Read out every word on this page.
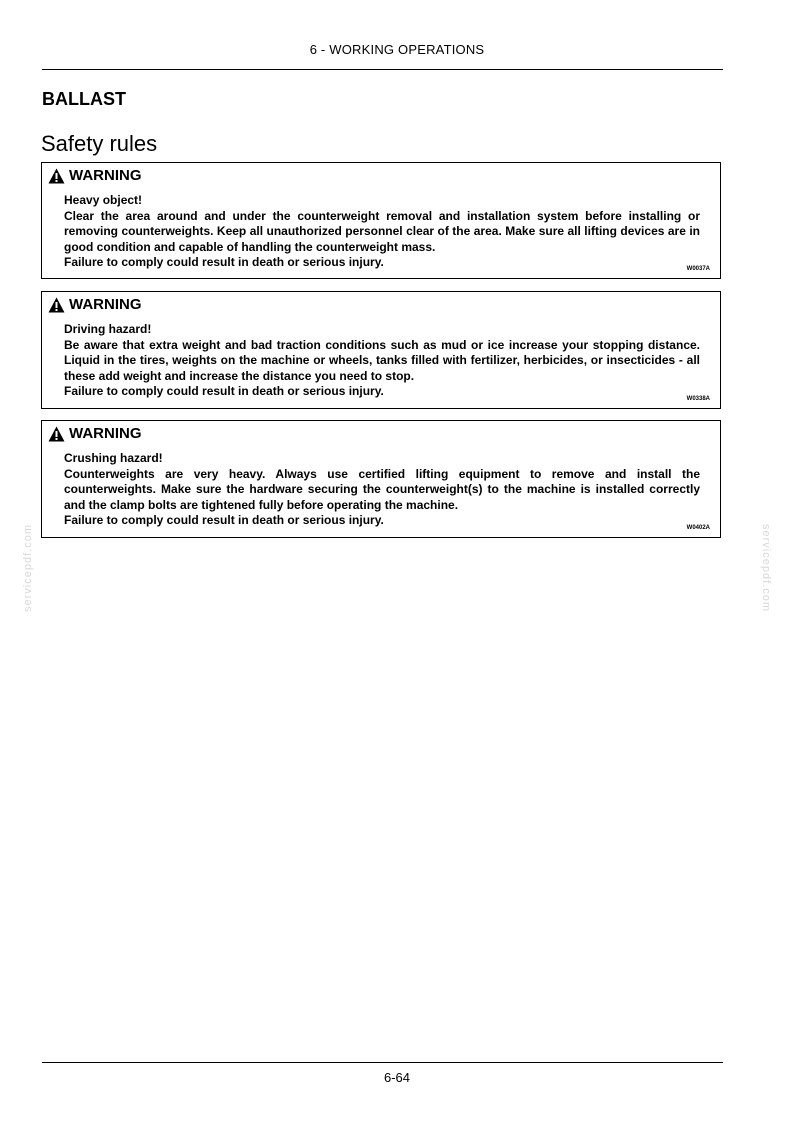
6 - WORKING OPERATIONS
BALLAST
Safety rules
WARNING

Heavy object!

Clear the area around and under the counterweight removal and installation system before installing or removing counterweights. Keep all unauthorized personnel clear of the area. Make sure all lifting devices are in good condition and capable of handling the counterweight mass.

Failure to comply could result in death or serious injury.	W0037A
WARNING

Driving hazard!

Be aware that extra weight and bad traction conditions such as mud or ice increase your stopping distance. Liquid in the tires, weights on the machine or wheels, tanks filled with fertilizer, herbicides, or insecticides - all these add weight and increase the distance you need to stop.

Failure to comply could result in death or serious injury.

W0338A
WARNING

Crushing hazard!

Counterweights are very heavy. Always use certified lifting equipment to remove and install the counterweights. Make sure the hardware securing the counterweight(s) to the machine is installed correctly and the clamp bolts are tightened fully before operating the machine.

Failure to comply could result in death or serious injury.

W0402A
servicepdf.com	servicepdf.com
6-64
